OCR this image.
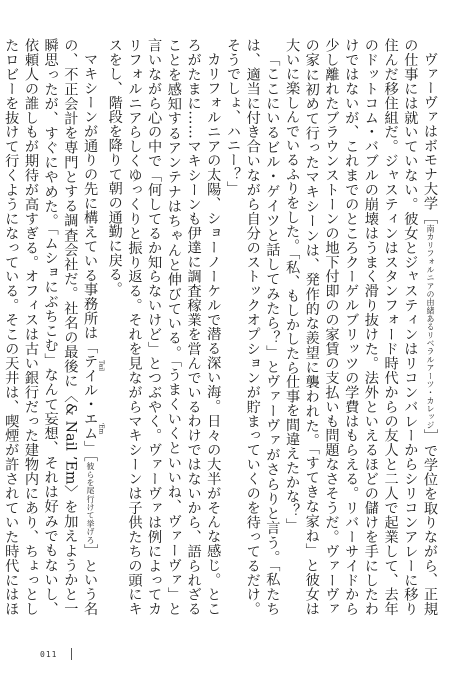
ヴァーヴァはボモナ大学［南カリフォルニアの由緒あるリベラルアーツ・カレッジ］で学位を取りながら、正規の仕事には就いていない。彼女とジャスティンはリコンバレーからシリコンアレーに移り住んだ移住組だ。ジャスティンはスタンフォード時代からの友人と二人で起業して、去年のドットコム・バブルの崩壊はうまく滑り抜けた。法外といえるほどの儲けを手にしたわけではないが、これまでのところクーゲルブリッツの学費はもらえる。リバーサイドから少し離れたブラウンストーンの地下付即のの家賃の支払いも問題なさそうだ。ヴァーヴァの家に初めて行ったマキシーンは、発作的な羨望に襲われた。「すてきな家ね」と彼女は大いに楽しんでいるふりをした。「私、もしかしたら仕事を間違えたかな？」

「ここにいるビル・ゲイツと話してみたら？」とヴァーヴァがさらりと言う。「私たちは、適当に付き合いながら自分のストックオプションが貯まっていくのを待ってるだけ。そうでしょ、ハニー？」

カリフォルニアの太陽、ショーノーケルで潜る深い海。日々の大半がそんな感じ。ところがたまに……マキシーンも伊達に調査稼業を営んでいるわけではないから、語られざることを感知するアンテナはちゃんと伸びている。「うまくいくといいね、ヴァーヴァ」と言いながら心の中で「何してるか知らないけど」とつぶやく。ヴァーヴァは例によってカリフォルニアらしくゆっくりと振り返る。それを見ながらマキシーンは子供たちの頭にキスをし、階段を降りて朝の通勤に戻る。

マキシーンが通りの先に構えている事務所は「テイル・エム Tail ‘Em」［彼らを尾行けて挙げろ］という名の、不正会計を専門とする調査会社だ。社名の最後に〈& Nail ’Em〉を加えようかと一瞬思ったが、すぐにやめた。「ムショにぶちこむ」なんて妄想、それは好みでもないし、依頼人の誰しもが期待が高すぎる。オフィスは古い銀行だった建物内にあり、ちょっとしたロビーを抜けて行くようになっている。そこの天井は、喫煙が許されていた時代にはほ

011
